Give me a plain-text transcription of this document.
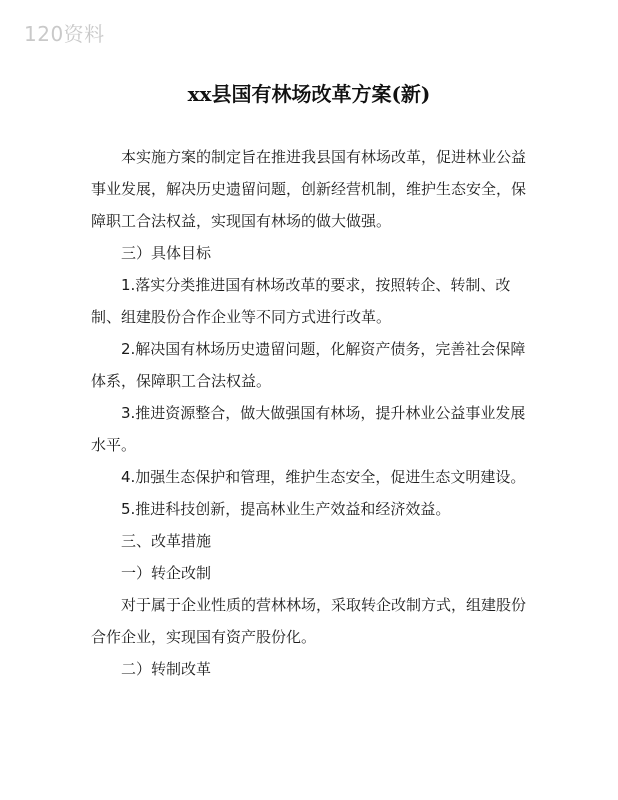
120资料
xx县国有林场改革方案(新)

本实施方案的制定旨在推进我县国有林场改革，促进林业公益事业发展，解决历史遗留问题，创新经营机制，维护生态安全，保障职工合法权益，实现国有林场的做大做强。

三）具体目标

1.落实分类推进国有林场改革的要求，按照转企、转制、改制、组建股份合作企业等不同方式进行改革。

2.解决国有林场历史遗留问题，化解资产债务，完善社会保障体系，保障职工合法权益。

3.推进资源整合，做大做强国有林场，提升林业公益事业发展水平。

4.加强生态保护和管理，维护生态安全，促进生态文明建设。

5.推进科技创新，提高林业生产效益和经济效益。

三、改革措施

一）转企改制

对于属于企业性质的营林林场，采取转企改制方式，组建股份合作企业，实现国有资产股份化。

二）转制改革
